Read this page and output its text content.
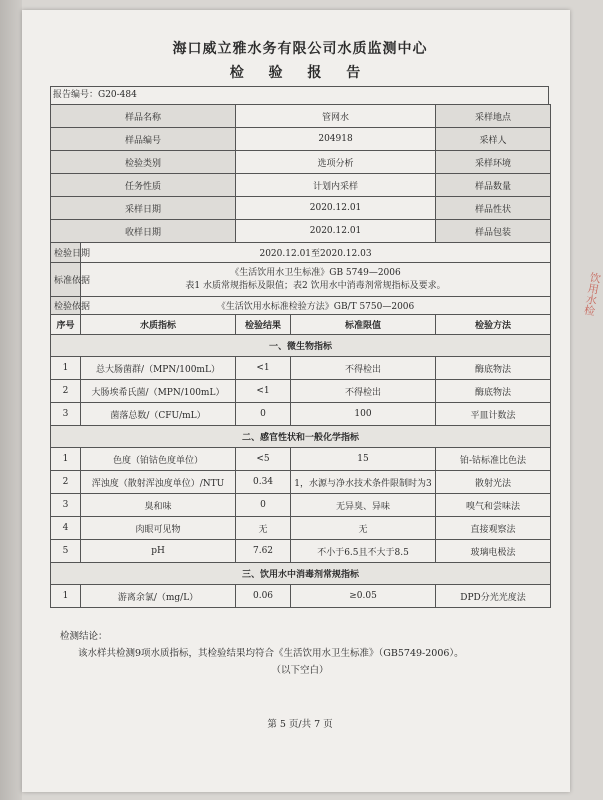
海口威立雅水务有限公司水质监测中心
检 验 报 告
报告编号：G20-484
样品名称		管网水		采样地点	
样品编号		204918		采样人	
检验类别		选项分析		采样环境	
任务性质		计划内采样		样品数量	
采样日期		2020.12.01		样品性状	
收样日期		2020.12.01		样品包装	
检验日期	2020.12.01至2020.12.03				
标准依据	《生活饮用水卫生标准》GB 5749—2006
表1 水质常规指标及限值；表2 饮用水中消毒剂常规指标及要求。				

检验依据	《生活饮用水标准检验方法》GB/T 5750—2006				
序号	水质指标	检验结果	标准限值	检验方法	
一、微生物指标					
1	总大肠菌群/（MPN/100mL）	<1	不得检出	酶底物法	
2	大肠埃希氏菌/（MPN/100mL）	<1	不得检出	酶底物法	
3	菌落总数/（CFU/mL）	0	100	平皿计数法	
二、感官性状和一般化学指标					
1	色度（铂钴色度单位）	<5	15	铂-钴标准比色法	
2	浑浊度（散射浑浊度单位）/NTU	0.34	1，水源与净水技术条件限制时为3	散射光法	
3	臭和味	0	无异臭、异味	嗅气和尝味法	
4	肉眼可见物	无	无	直接观察法	
5	pH	7.62	不小于6.5且不大于8.5	玻璃电极法	
三、饮用水中消毒剂常规指标					
1	游离余氯/（mg/L）	0.06	≥0.05	DPD分光光度法	
检测结论：
该水样共检测9项水质指标，其检验结果均符合《生活饮用水卫生标准》（GB5749-2006）。
（以下空白）
第 5 页/共 7 页
饮用水检
